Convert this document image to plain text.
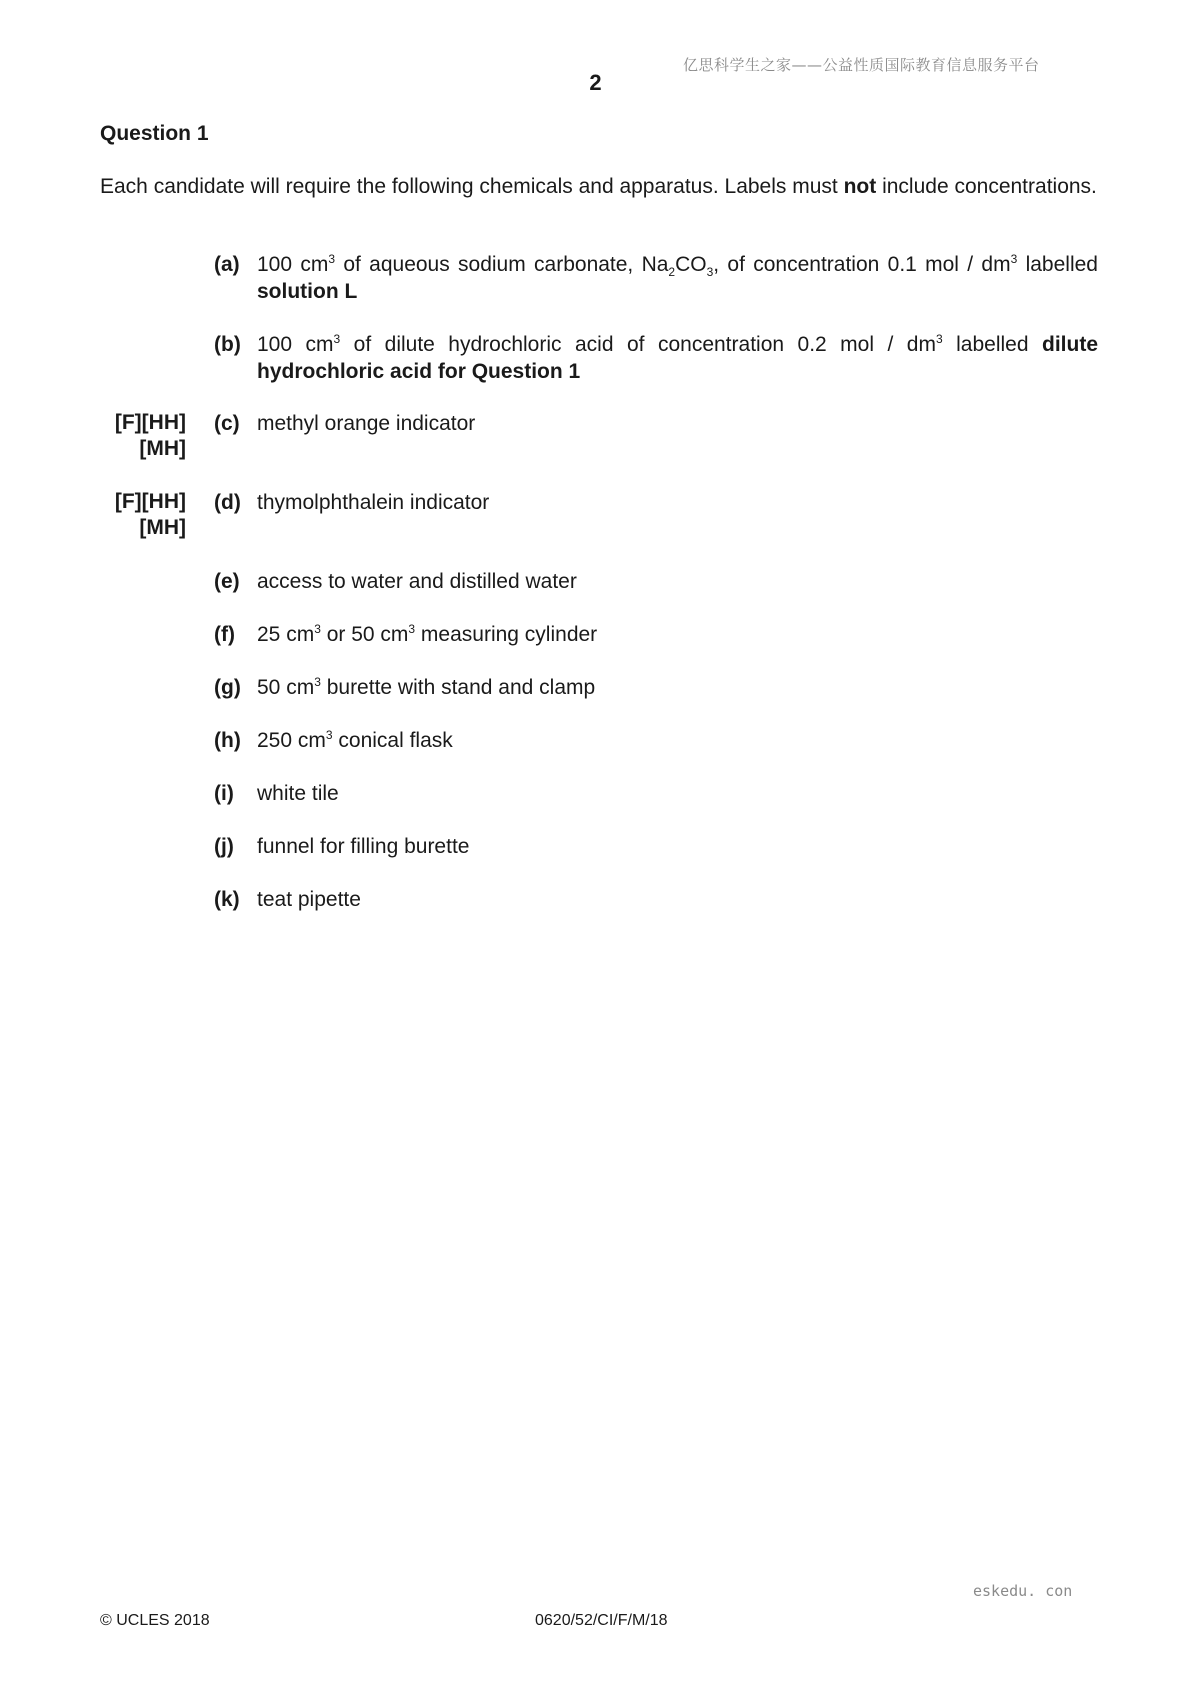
亿思科学生之家——公益性质国际教育信息服务平台
2
Question 1
Each candidate will require the following chemicals and apparatus. Labels must not include concentrations.
(a) 100 $cm^3$ of aqueous sodium carbonate, $Na_2CO_3$, of concentration 0.1 mol / $dm^3$ labelled solution L
(b) 100 $cm^3$ of dilute hydrochloric acid of concentration 0.2 mol / $dm^3$ labelled dilute hydrochloric acid for Question 1
[F][HH]
[MH]
(c) methyl orange indicator
[F][HH]
[MH]
(d) thymolphthalein indicator
(e) access to water and distilled water
(f) 25 $cm^3$ or 50 $cm^3$ measuring cylinder
(g) 50 $cm^3$ burette with stand and clamp
(h) 250 $cm^3$ conical flask
(i) white tile
(j) funnel for filling burette
(k) teat pipette
eskedu. con
© UCLES 2018	0620/52/CI/F/M/18
